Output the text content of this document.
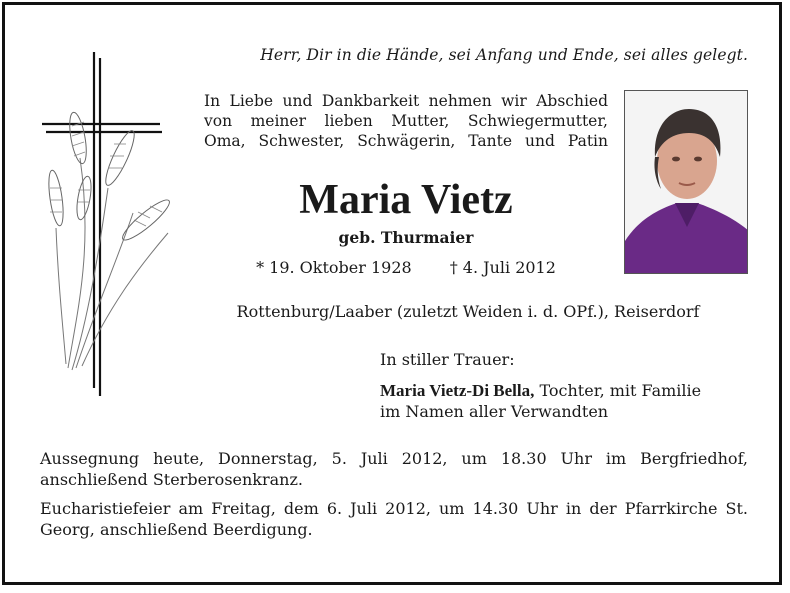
Herr, Dir in die Hände, sei Anfang und Ende, sei alles gelegt.
In Liebe und Dankbarkeit nehmen wir Abschied
von meiner lieben Mutter, Schwiegermutter,
Oma, Schwester, Schwägerin, Tante und Patin
Maria Vietz
geb. Thurmaier
* 19. Oktober 1928 † 4. Juli 2012
Rottenburg/Laaber (zuletzt Weiden i. d. OPf.), Reiserdorf
In stiller Trauer:
Maria Vietz-Di Bella, Tochter, mit Familie
im Namen aller Verwandten
Aussegnung heute, Donnerstag, 5. Juli 2012, um 18.30 Uhr im Bergfriedhof, anschließend Sterberosenkranz.
Eucharistiefeier am Freitag, dem 6. Juli 2012, um 14.30 Uhr in der Pfarrkirche St. Georg, anschließend Beerdigung.
